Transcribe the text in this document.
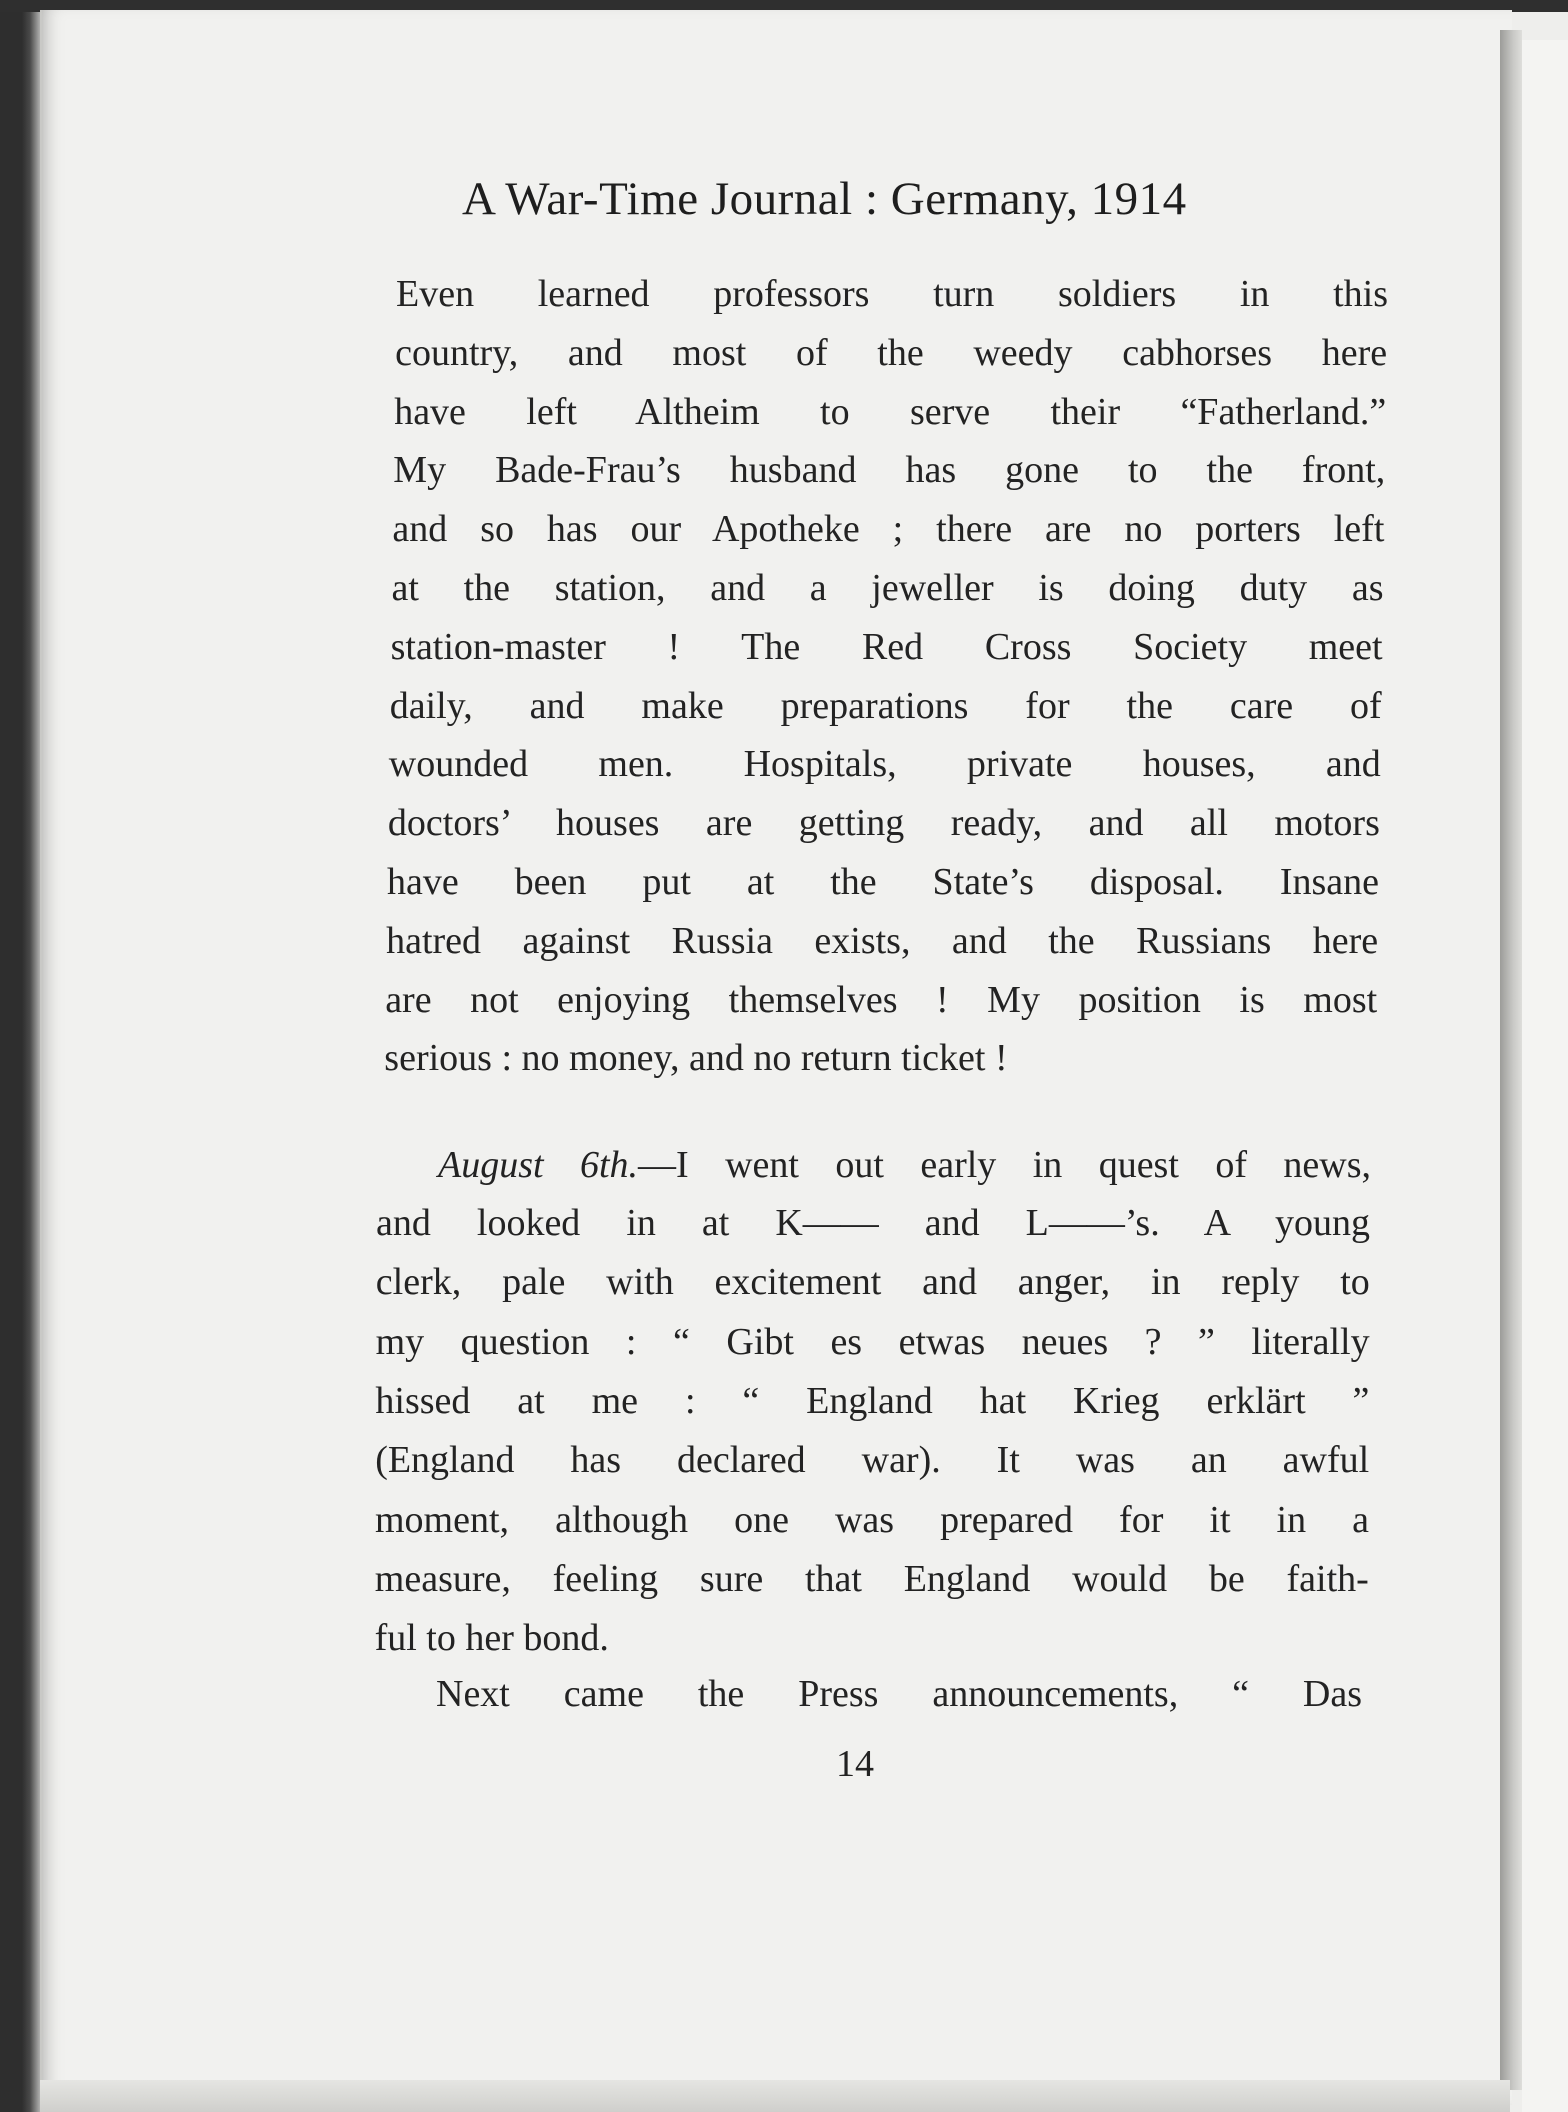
A War-Time Journal : Germany, 1914
Even learned professors turn soldiers in this
country, and most of the weedy cabhorses here
have left Altheim to serve their “Fatherland.”
My Bade-Frau’s husband has gone to the front,
and so has our Apotheke ; there are no porters left
at the station, and a jeweller is doing duty as
station-master ! The Red Cross Society meet
daily, and make preparations for the care of
wounded men. Hospitals, private houses, and
doctors’ houses are getting ready, and all motors
have been put at the State’s disposal. Insane
hatred against Russia exists, and the Russians here
are not enjoying themselves ! My position is most
serious : no money, and no return ticket !
August 6th.—I went out early in quest of news,
and looked in at K—— and L——’s. A young
clerk, pale with excitement and anger, in reply to
my question : “ Gibt es etwas neues ? ” literally
hissed at me : “ England hat Krieg erklärt ”
(England has declared war). It was an awful
moment, although one was prepared for it in a
measure, feeling sure that England would be faith-
ful to her bond.
Next came the Press announcements, “ Das
14
